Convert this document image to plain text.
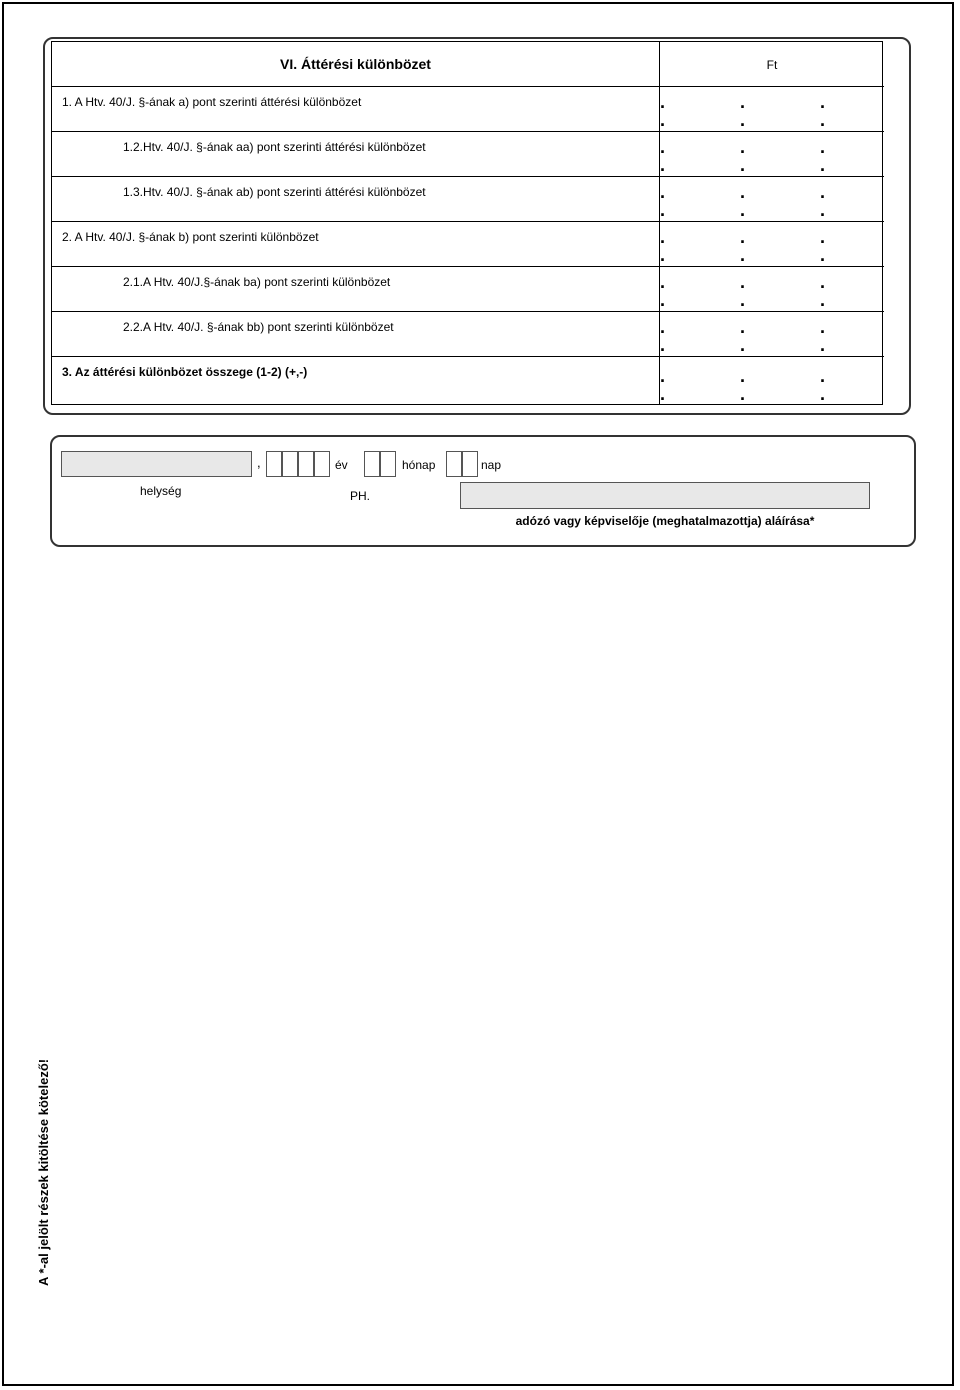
VI. Áttérési különbözet	Ft
1. A Htv. 40/J. §-ának a) pont szerinti áttérési különbözet	. . . . . .
1.2.Htv. 40/J. §-ának aa) pont szerinti áttérési különbözet	. . . . . .
1.3.Htv. 40/J. §-ának ab) pont szerinti áttérési különbözet	. . . . . .
2. A Htv. 40/J. §-ának b) pont szerinti különbözet	. . . . . .
2.1.A Htv. 40/J.§-ának ba) pont szerinti különbözet	. . . . . .
2.2.A Htv. 40/J. §-ának bb) pont szerinti különbözet	. . . . . .
3. Az áttérési különbözet összege (1-2) (+,-)	. . . . . .
,	év	hónap	nap
helység	PH.
adózó vagy képviselője (meghatalmazottja) aláírása*
A *-al jelölt részek kitöltése kötelező!
